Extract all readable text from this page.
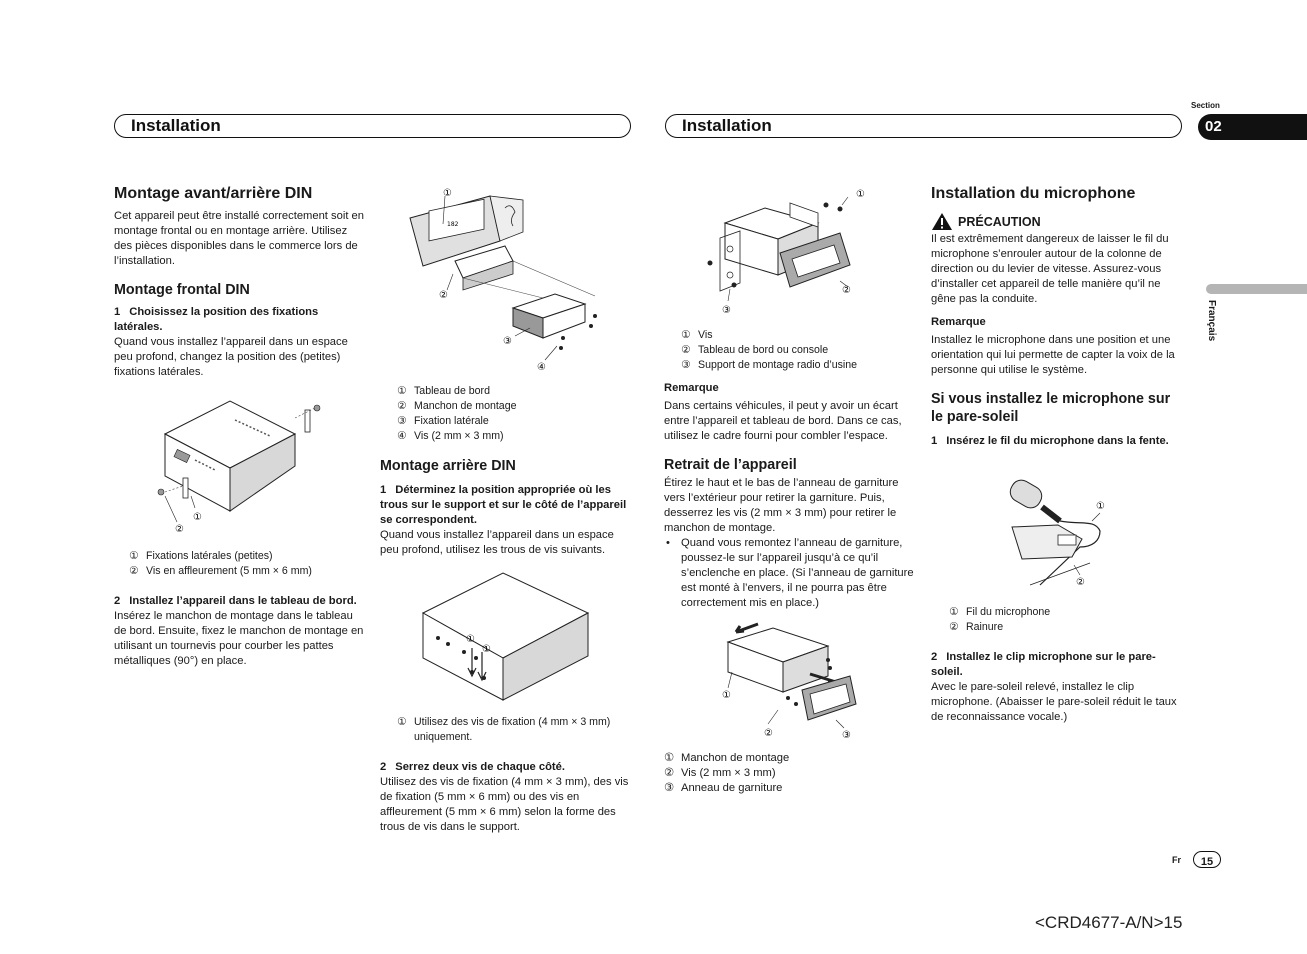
Installation	Installation
Section
02
Français
Montage avant/arrière DIN

Cet appareil peut être installé correctement soit en montage frontal ou en montage arrière. Utilisez des pièces disponibles dans le commerce lors de l’installation.

Montage frontal DIN
1 Choisissez la position des fixations latérales.

Quand vous installez l’appareil dans un espace peu profond, changez la position des (petites) fixations latérales.

①
②
① Fixations latérales (petites)
② Vis en affleurement (5 mm × 6 mm)
2 Installez l’appareil dans le tableau de bord.

Insérez le manchon de montage dans le tableau de bord. Ensuite, fixez le manchon de montage en utilisant un tournevis pour courber les pattes métalliques (90°) en place.

182
①
②
③
④
① Tableau de bord
② Manchon de montage
③ Fixation latérale
④ Vis (2 mm × 3 mm)
Montage arrière DIN
1 Déterminez la position appropriée où les trous sur le support et sur le côté de l’appareil se correspondent.

Quand vous installez l’appareil dans un espace peu profond, utilisez les trous de vis suivants.

①
①
① Utilisez des vis de fixation (4 mm × 3 mm) uniquement.
2 Serrez deux vis de chaque côté.

Utilisez des vis de fixation (4 mm × 3 mm), des vis de fixation (5 mm × 6 mm) ou des vis en affleurement (5 mm × 6 mm) selon la forme des trous de vis dans le support.

①
②
③
① Vis
② Tableau de bord ou console
③ Support de montage radio d’usine
Remarque

Dans certains véhicules, il peut y avoir un écart entre l’appareil et tableau de bord. Dans ce cas, utilisez le cadre fourni pour combler l’espace.

Retrait de l’appareil

Étirez le haut et le bas de l’anneau de garniture vers l’extérieur pour retirer la garniture. Puis, desserrez les vis (2 mm × 3 mm) pour retirer le manchon de montage.

• Quand vous remontez l’anneau de garniture, poussez-le sur l’appareil jusqu’à ce qu’il s’enclenche en place. (Si l’anneau de garniture est monté à l’envers, il ne pourra pas être correctement mis en place.)
①
②	③
① Manchon de montage
② Vis (2 mm × 3 mm)
③ Anneau de garniture
Installation du microphone
PRÉCAUTION

Il est extrêmement dangereux de laisser le fil du microphone s’enrouler autour de la colonne de direction ou du levier de vitesse. Assurez-vous d’installer cet appareil de telle manière qu’il ne gêne pas la conduite.

Remarque

Installez le microphone dans une position et une orientation qui lui permette de capter la voix de la personne qui utilise le système.

Si vous installez le microphone sur le pare-soleil
1 Insérez le fil du microphone dans la fente.
①
②
① Fil du microphone
② Rainure
2 Installez le clip microphone sur le pare-soleil.

Avec le pare-soleil relevé, installez le clip microphone. (Abaisser le pare-soleil réduit le taux de reconnaissance vocale.)

Fr	15
<CRD4677-A/N>15
